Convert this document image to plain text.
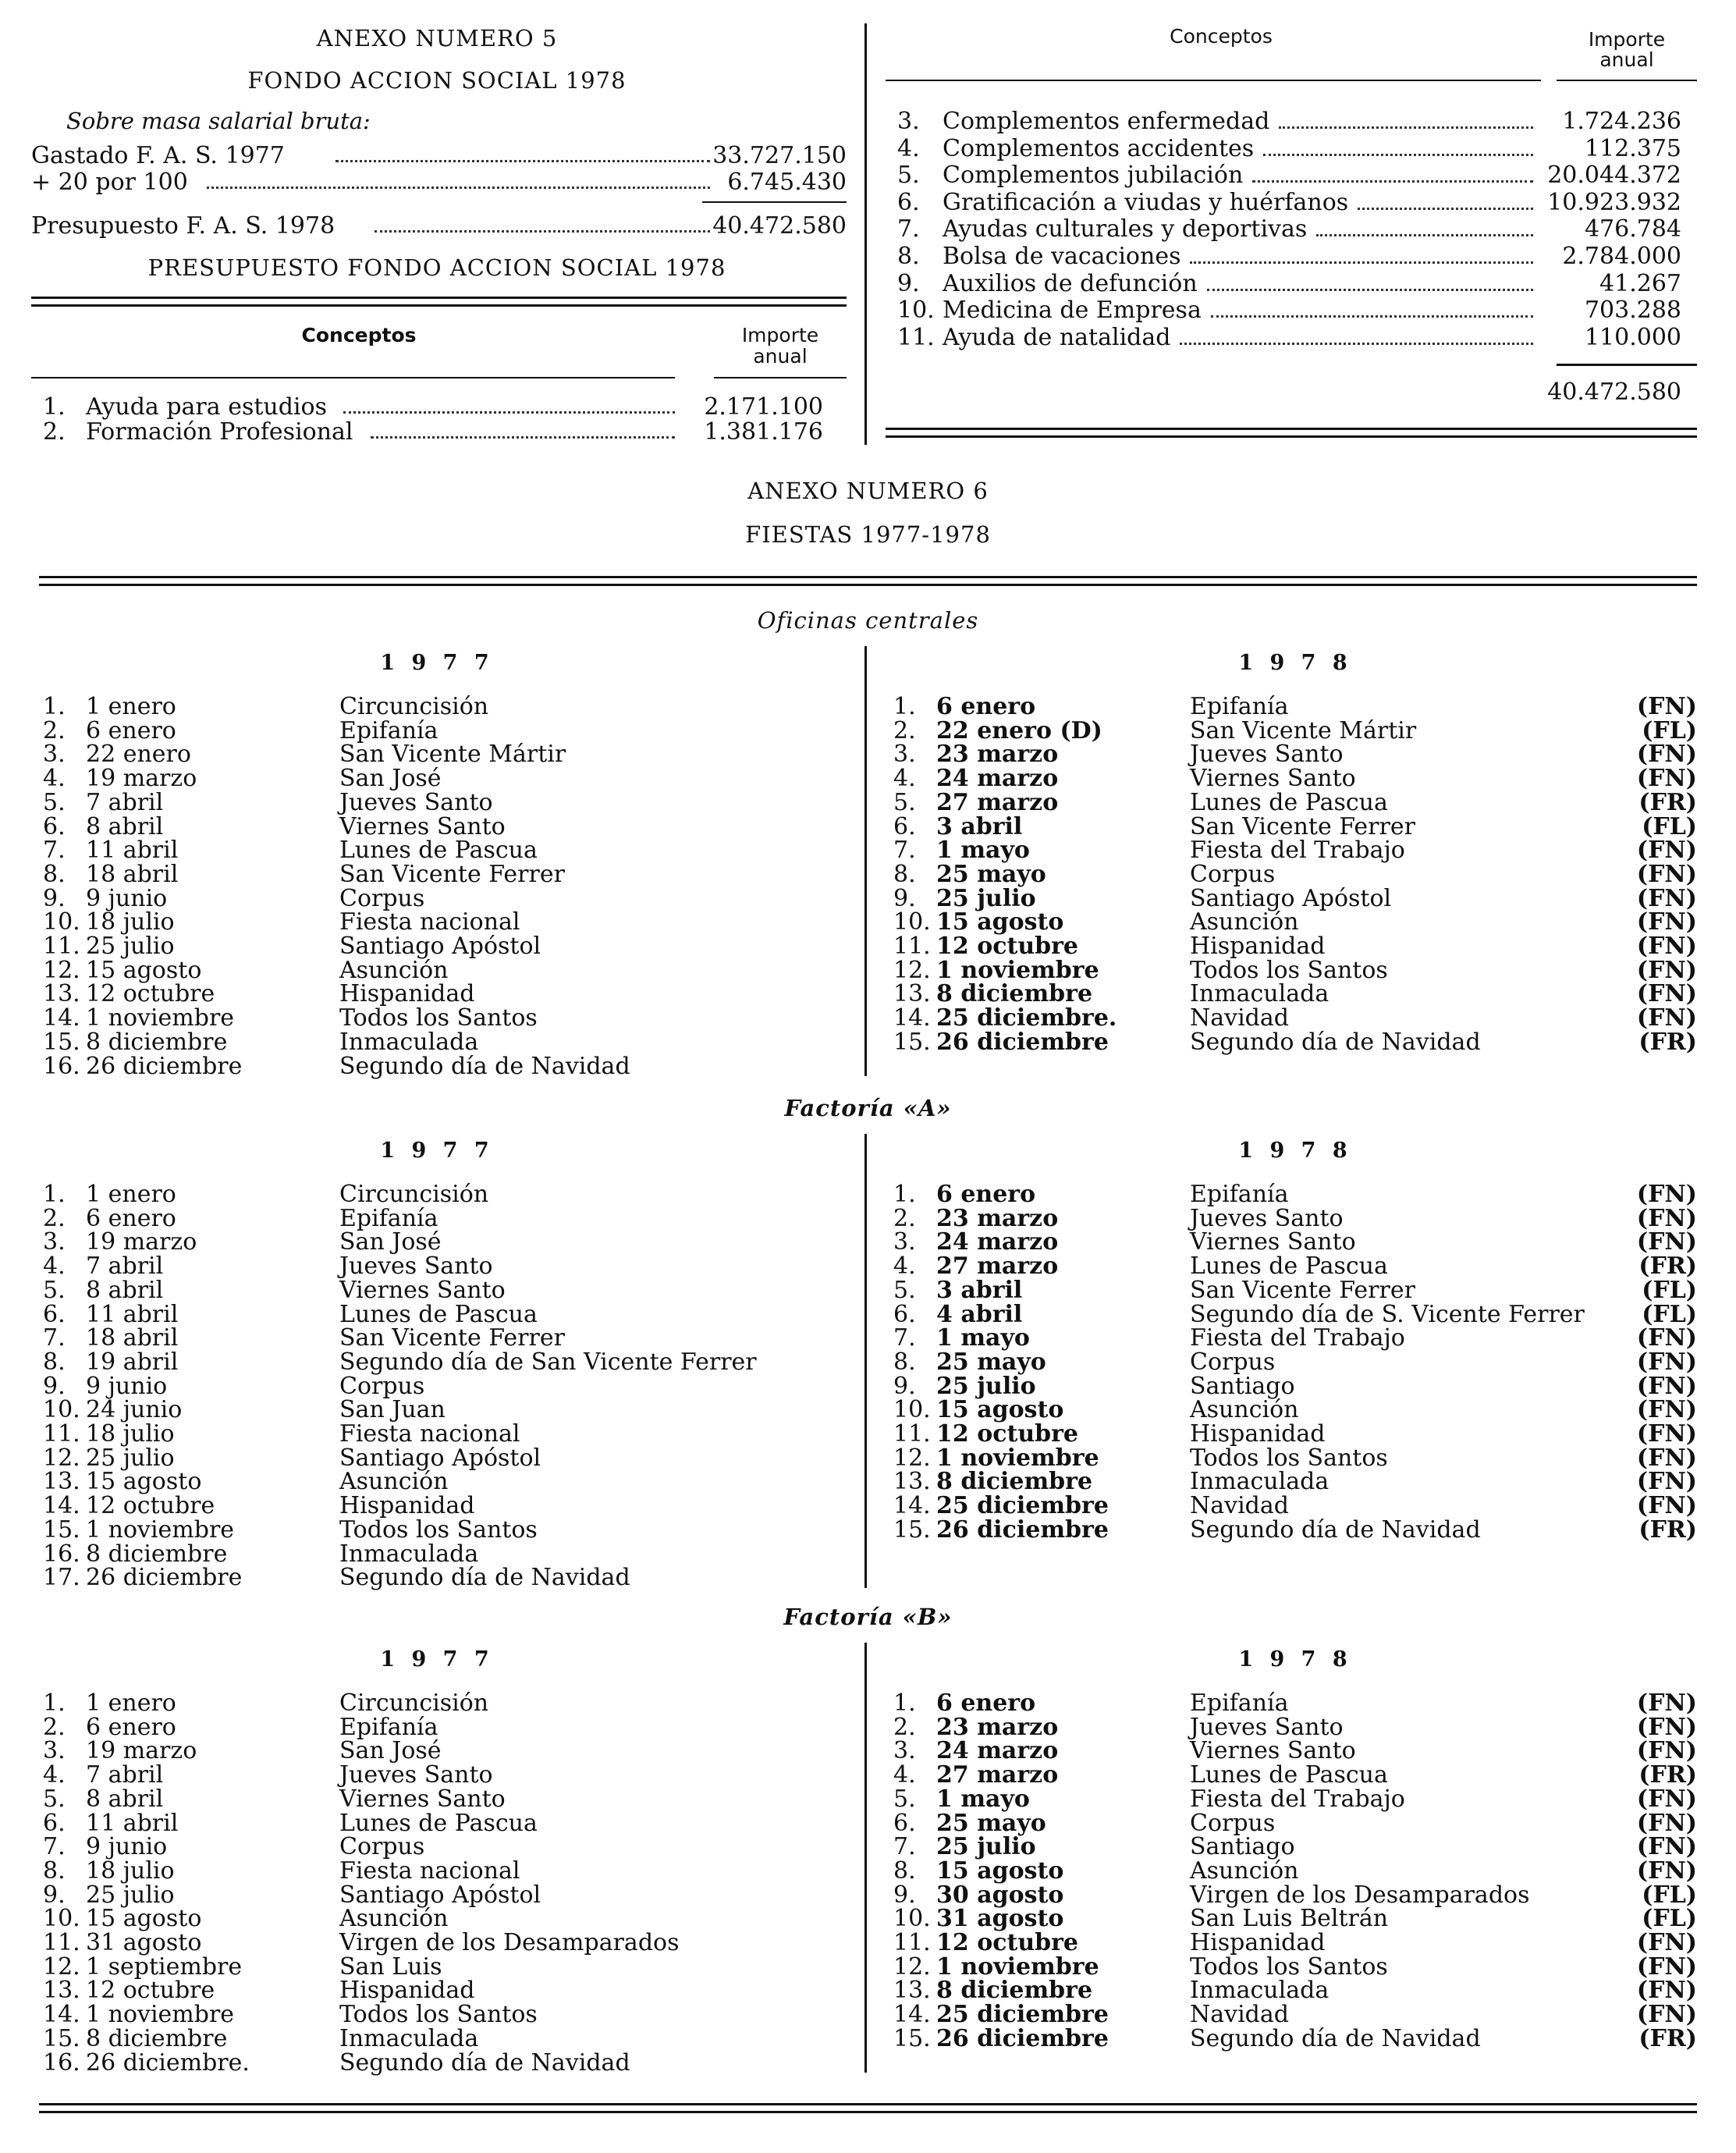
ANEXO NUMERO 5
FONDO ACCION SOCIAL 1978
Sobre masa salarial bruta:
Gastado F. A. S. 1977	33.727.150
+ 20 por 100	6.745.430
Presupuesto F. A. S. 1978	40.472.580
PRESUPUESTO FONDO ACCION SOCIAL 1978
Conceptos	Importe
anual
1. Ayuda para estudios	2.171.100
2. Formación Profesional	1.381.176
Conceptos	Importe
anual
3. Complementos enfermedad	1.724.236
4. Complementos accidentes	112.375
5. Complementos jubilación	20.044.372
6. Gratificación a viudas y huérfanos	10.923.932
7. Ayudas culturales y deportivas	476.784
8. Bolsa de vacaciones	2.784.000
9. Auxilios de defunción	41.267
10. Medicina de Empresa	703.288
11. Ayuda de natalidad	110.000
40.472.580
ANEXO NUMERO 6
FIESTAS 1977-1978
Oficinas centrales
1 9 7 7	1 9 7 8
1. 1 enero	Circuncisión
2. 6 enero	Epifanía
3. 22 enero	San Vicente Mártir
4. 19 marzo	San José
5. 7 abril	Jueves Santo
6. 8 abril	Viernes Santo
7. 11 abril	Lunes de Pascua
8. 18 abril	San Vicente Ferrer
9. 9 junio	Corpus
10. 18 julio	Fiesta nacional
11. 25 julio	Santiago Apóstol
12. 15 agosto	Asunción
13. 12 octubre	Hispanidad
14. 1 noviembre	Todos los Santos
15. 8 diciembre	Inmaculada
16. 26 diciembre	Segundo día de Navidad
1. 6 enero	Epifanía	(FN)
2. 22 enero (D)	San Vicente Mártir	(FL)
3. 23 marzo	Jueves Santo	(FN)
4. 24 marzo	Viernes Santo	(FN)
5. 27 marzo	Lunes de Pascua	(FR)
6. 3 abril	San Vicente Ferrer	(FL)
7. 1 mayo	Fiesta del Trabajo	(FN)
8. 25 mayo	Corpus	(FN)
9. 25 julio	Santiago Apóstol	(FN)
10. 15 agosto	Asunción	(FN)
11. 12 octubre	Hispanidad	(FN)
12. 1 noviembre	Todos los Santos	(FN)
13. 8 diciembre	Inmaculada	(FN)
14. 25 diciembre.	Navidad	(FN)
15. 26 diciembre	Segundo día de Navidad	(FR)
Factoría «A»
1 9 7 7	1 9 7 8
1. 1 enero	Circuncisión
2. 6 enero	Epifanía
3. 19 marzo	San José
4. 7 abril	Jueves Santo
5. 8 abril	Viernes Santo
6. 11 abril	Lunes de Pascua
7. 18 abril	San Vicente Ferrer
8. 19 abril	Segundo día de San Vicente Ferrer
9. 9 junio	Corpus
10. 24 junio	San Juan
11. 18 julio	Fiesta nacional
12. 25 julio	Santiago Apóstol
13. 15 agosto	Asunción
14. 12 octubre	Hispanidad
15. 1 noviembre	Todos los Santos
16. 8 diciembre	Inmaculada
17. 26 diciembre	Segundo día de Navidad
1. 6 enero	Epifanía	(FN)
2. 23 marzo	Jueves Santo	(FN)
3. 24 marzo	Viernes Santo	(FN)
4. 27 marzo	Lunes de Pascua	(FR)
5. 3 abril	San Vicente Ferrer	(FL)
6. 4 abril	Segundo día de S. Vicente Ferrer	(FL)
7. 1 mayo	Fiesta del Trabajo	(FN)
8. 25 mayo	Corpus	(FN)
9. 25 julio	Santiago	(FN)
10. 15 agosto	Asunción	(FN)
11. 12 octubre	Hispanidad	(FN)
12. 1 noviembre	Todos los Santos	(FN)
13. 8 diciembre	Inmaculada	(FN)
14. 25 diciembre	Navidad	(FN)
15. 26 diciembre	Segundo día de Navidad	(FR)
Factoría «B»
1 9 7 7	1 9 7 8
1. 1 enero	Circuncisión
2. 6 enero	Epifanía
3. 19 marzo	San José
4. 7 abril	Jueves Santo
5. 8 abril	Viernes Santo
6. 11 abril	Lunes de Pascua
7. 9 junio	Corpus
8. 18 julio	Fiesta nacional
9. 25 julio	Santiago Apóstol
10. 15 agosto	Asunción
11. 31 agosto	Virgen de los Desamparados
12. 1 septiembre	San Luis
13. 12 octubre	Hispanidad
14. 1 noviembre	Todos los Santos
15. 8 diciembre	Inmaculada
16. 26 diciembre.	Segundo día de Navidad
1. 6 enero	Epifanía	(FN)
2. 23 marzo	Jueves Santo	(FN)
3. 24 marzo	Viernes Santo	(FN)
4. 27 marzo	Lunes de Pascua	(FR)
5. 1 mayo	Fiesta del Trabajo	(FN)
6. 25 mayo	Corpus	(FN)
7. 25 julio	Santiago	(FN)
8. 15 agosto	Asunción	(FN)
9. 30 agosto	Virgen de los Desamparados	(FL)
10. 31 agosto	San Luis Beltrán	(FL)
11. 12 octubre	Hispanidad	(FN)
12. 1 noviembre	Todos los Santos	(FN)
13. 8 diciembre	Inmaculada	(FN)
14. 25 diciembre	Navidad	(FN)
15. 26 diciembre	Segundo día de Navidad	(FR)
